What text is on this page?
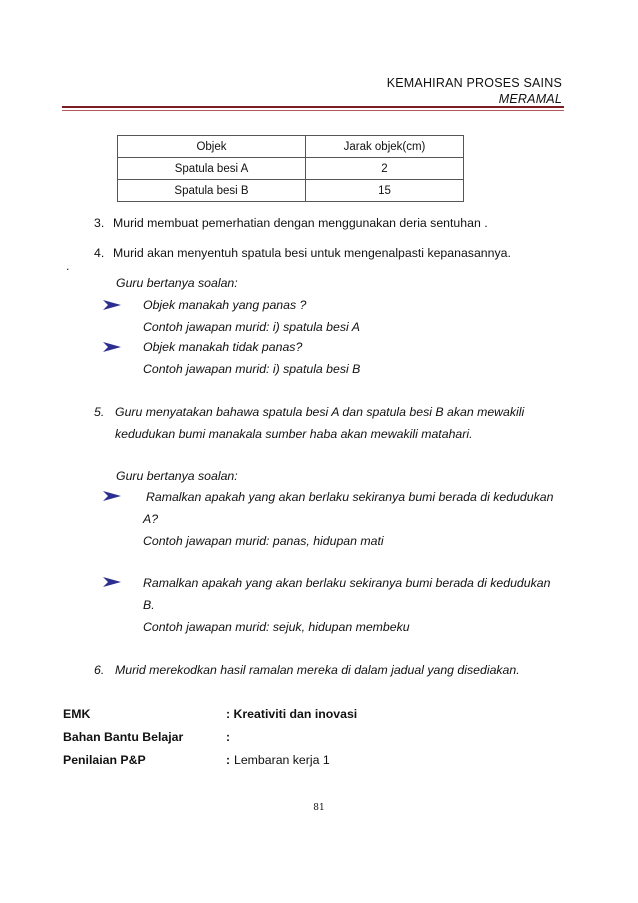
KEMAHIRAN PROSES SAINS
MERAMAL
Objek	Jarak objek(cm)
Spatula besi A	2
Spatula besi B	15
3. Murid membuat pemerhatian dengan menggunakan deria sentuhan .
4. Murid akan menyentuh spatula besi untuk mengenalpasti kepanasannya.
.
Guru bertanya soalan:
Objek manakah yang panas ?
Contoh jawapan murid: i) spatula besi A
Objek manakah tidak panas?
Contoh jawapan murid: i) spatula besi B
5. Guru menyatakan bahawa spatula besi A dan spatula besi B akan mewakili
kedudukan bumi manakala sumber haba akan mewakili matahari.
Guru bertanya soalan:
Ramalkan apakah yang akan berlaku sekiranya bumi berada di kedudukan
A?
Contoh jawapan murid: panas, hidupan mati
Ramalkan apakah yang akan berlaku sekiranya bumi berada di kedudukan
B.
Contoh jawapan murid: sejuk, hidupan membeku
6. Murid merekodkan hasil ramalan mereka di dalam jadual yang disediakan.
EMK	: Kreativiti dan inovasi
Bahan Bantu Belajar	:
Penilaian P&P	: Lembaran kerja 1
81
